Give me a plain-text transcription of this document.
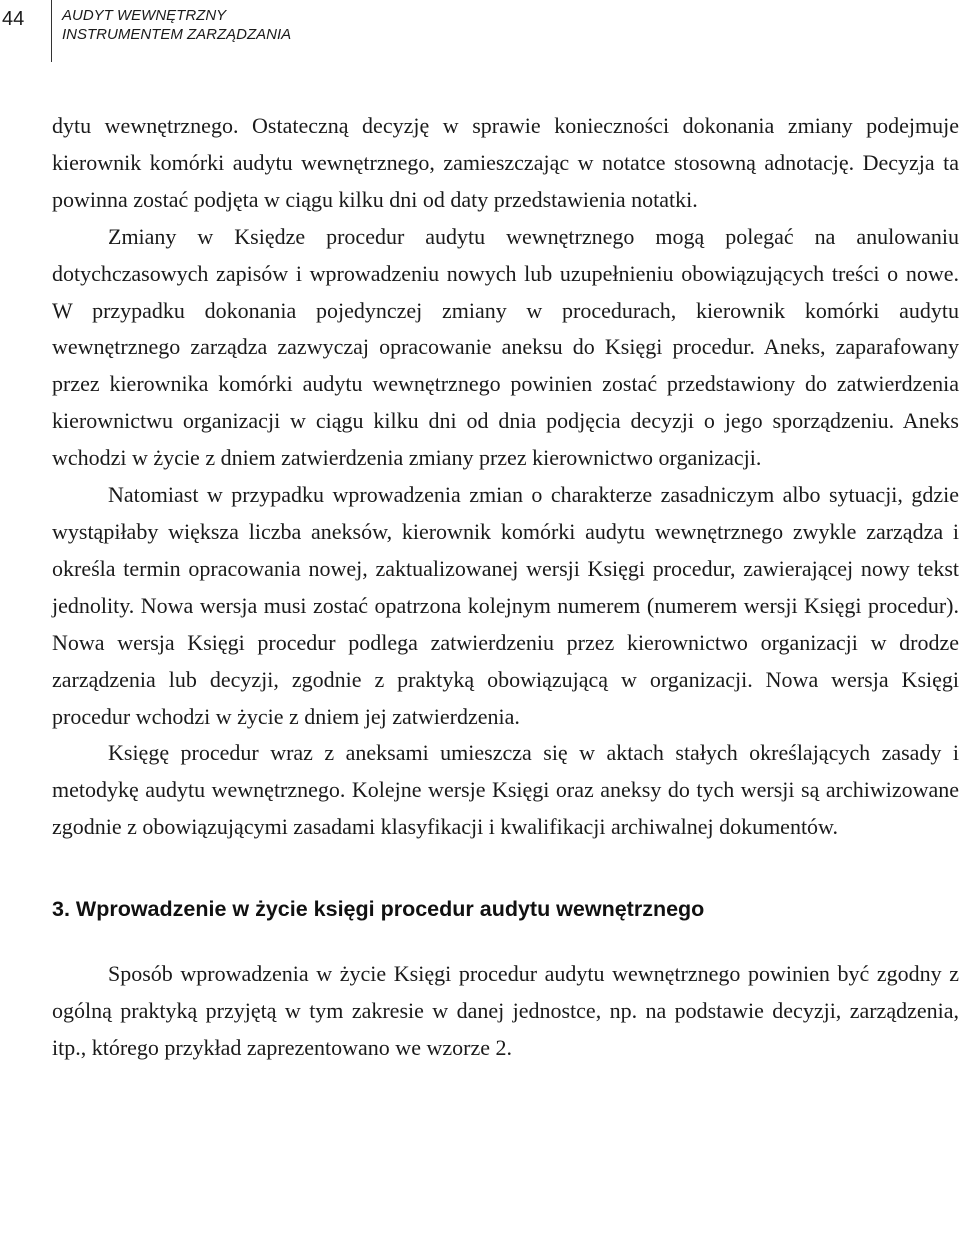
44	AUDYT WEWNĘTRZNY
INSTRUMENTEM ZARZĄDZANIA

dytu wewnętrznego. Ostateczną decyzję w sprawie konieczności dokonania zmiany podejmuje kierownik komórki audytu wewnętrznego, zamieszczając w notatce stosowną adnotację. Decyzja ta powinna zostać podjęta w ciągu kilku dni od daty przedstawienia notatki.

Zmiany w Księdze procedur audytu wewnętrznego mogą polegać na anulowaniu dotychczasowych zapisów i wprowadzeniu nowych lub uzupełnieniu obowiązujących treści o nowe. W przypadku dokonania pojedynczej zmiany w procedurach, kierownik komórki audytu wewnętrznego zarządza zazwyczaj opracowanie aneksu do Księgi procedur. Aneks, zaparafowany przez kierownika komórki audytu wewnętrznego powinien zostać przedstawiony do zatwierdzenia kierownictwu organizacji w ciągu kilku dni od dnia podjęcia decyzji o jego sporządzeniu. Aneks wchodzi w życie z dniem zatwierdzenia zmiany przez kierownictwo organizacji.

Natomiast w przypadku wprowadzenia zmian o charakterze zasadniczym albo sytuacji, gdzie wystąpiłaby większa liczba aneksów, kierownik komórki audytu wewnętrznego zwykle zarządza i określa termin opracowania nowej, zaktualizowanej wersji Księgi procedur, zawierającej nowy tekst jednolity. Nowa wersja musi zostać opatrzona kolejnym numerem (numerem wersji Księgi procedur). Nowa wersja Księgi procedur podlega zatwierdzeniu przez kierownictwo organizacji w drodze zarządzenia lub decyzji, zgodnie z praktyką obowiązującą w organizacji. Nowa wersja Księgi procedur wchodzi w życie z dniem jej zatwierdzenia.

Księgę procedur wraz z aneksami umieszcza się w aktach stałych określających zasady i metodykę audytu wewnętrznego. Kolejne wersje Księgi oraz aneksy do tych wersji są archiwizowane zgodnie z obowiązującymi zasadami klasyfikacji i kwalifikacji archiwalnej dokumentów.

3. Wprowadzenie w życie księgi procedur audytu wewnętrznego

Sposób wprowadzenia w życie Księgi procedur audytu wewnętrznego powinien być zgodny z ogólną praktyką przyjętą w tym zakresie w danej jednostce, np. na podstawie decyzji, zarządzenia, itp., którego przykład zaprezentowano we wzorze 2.
